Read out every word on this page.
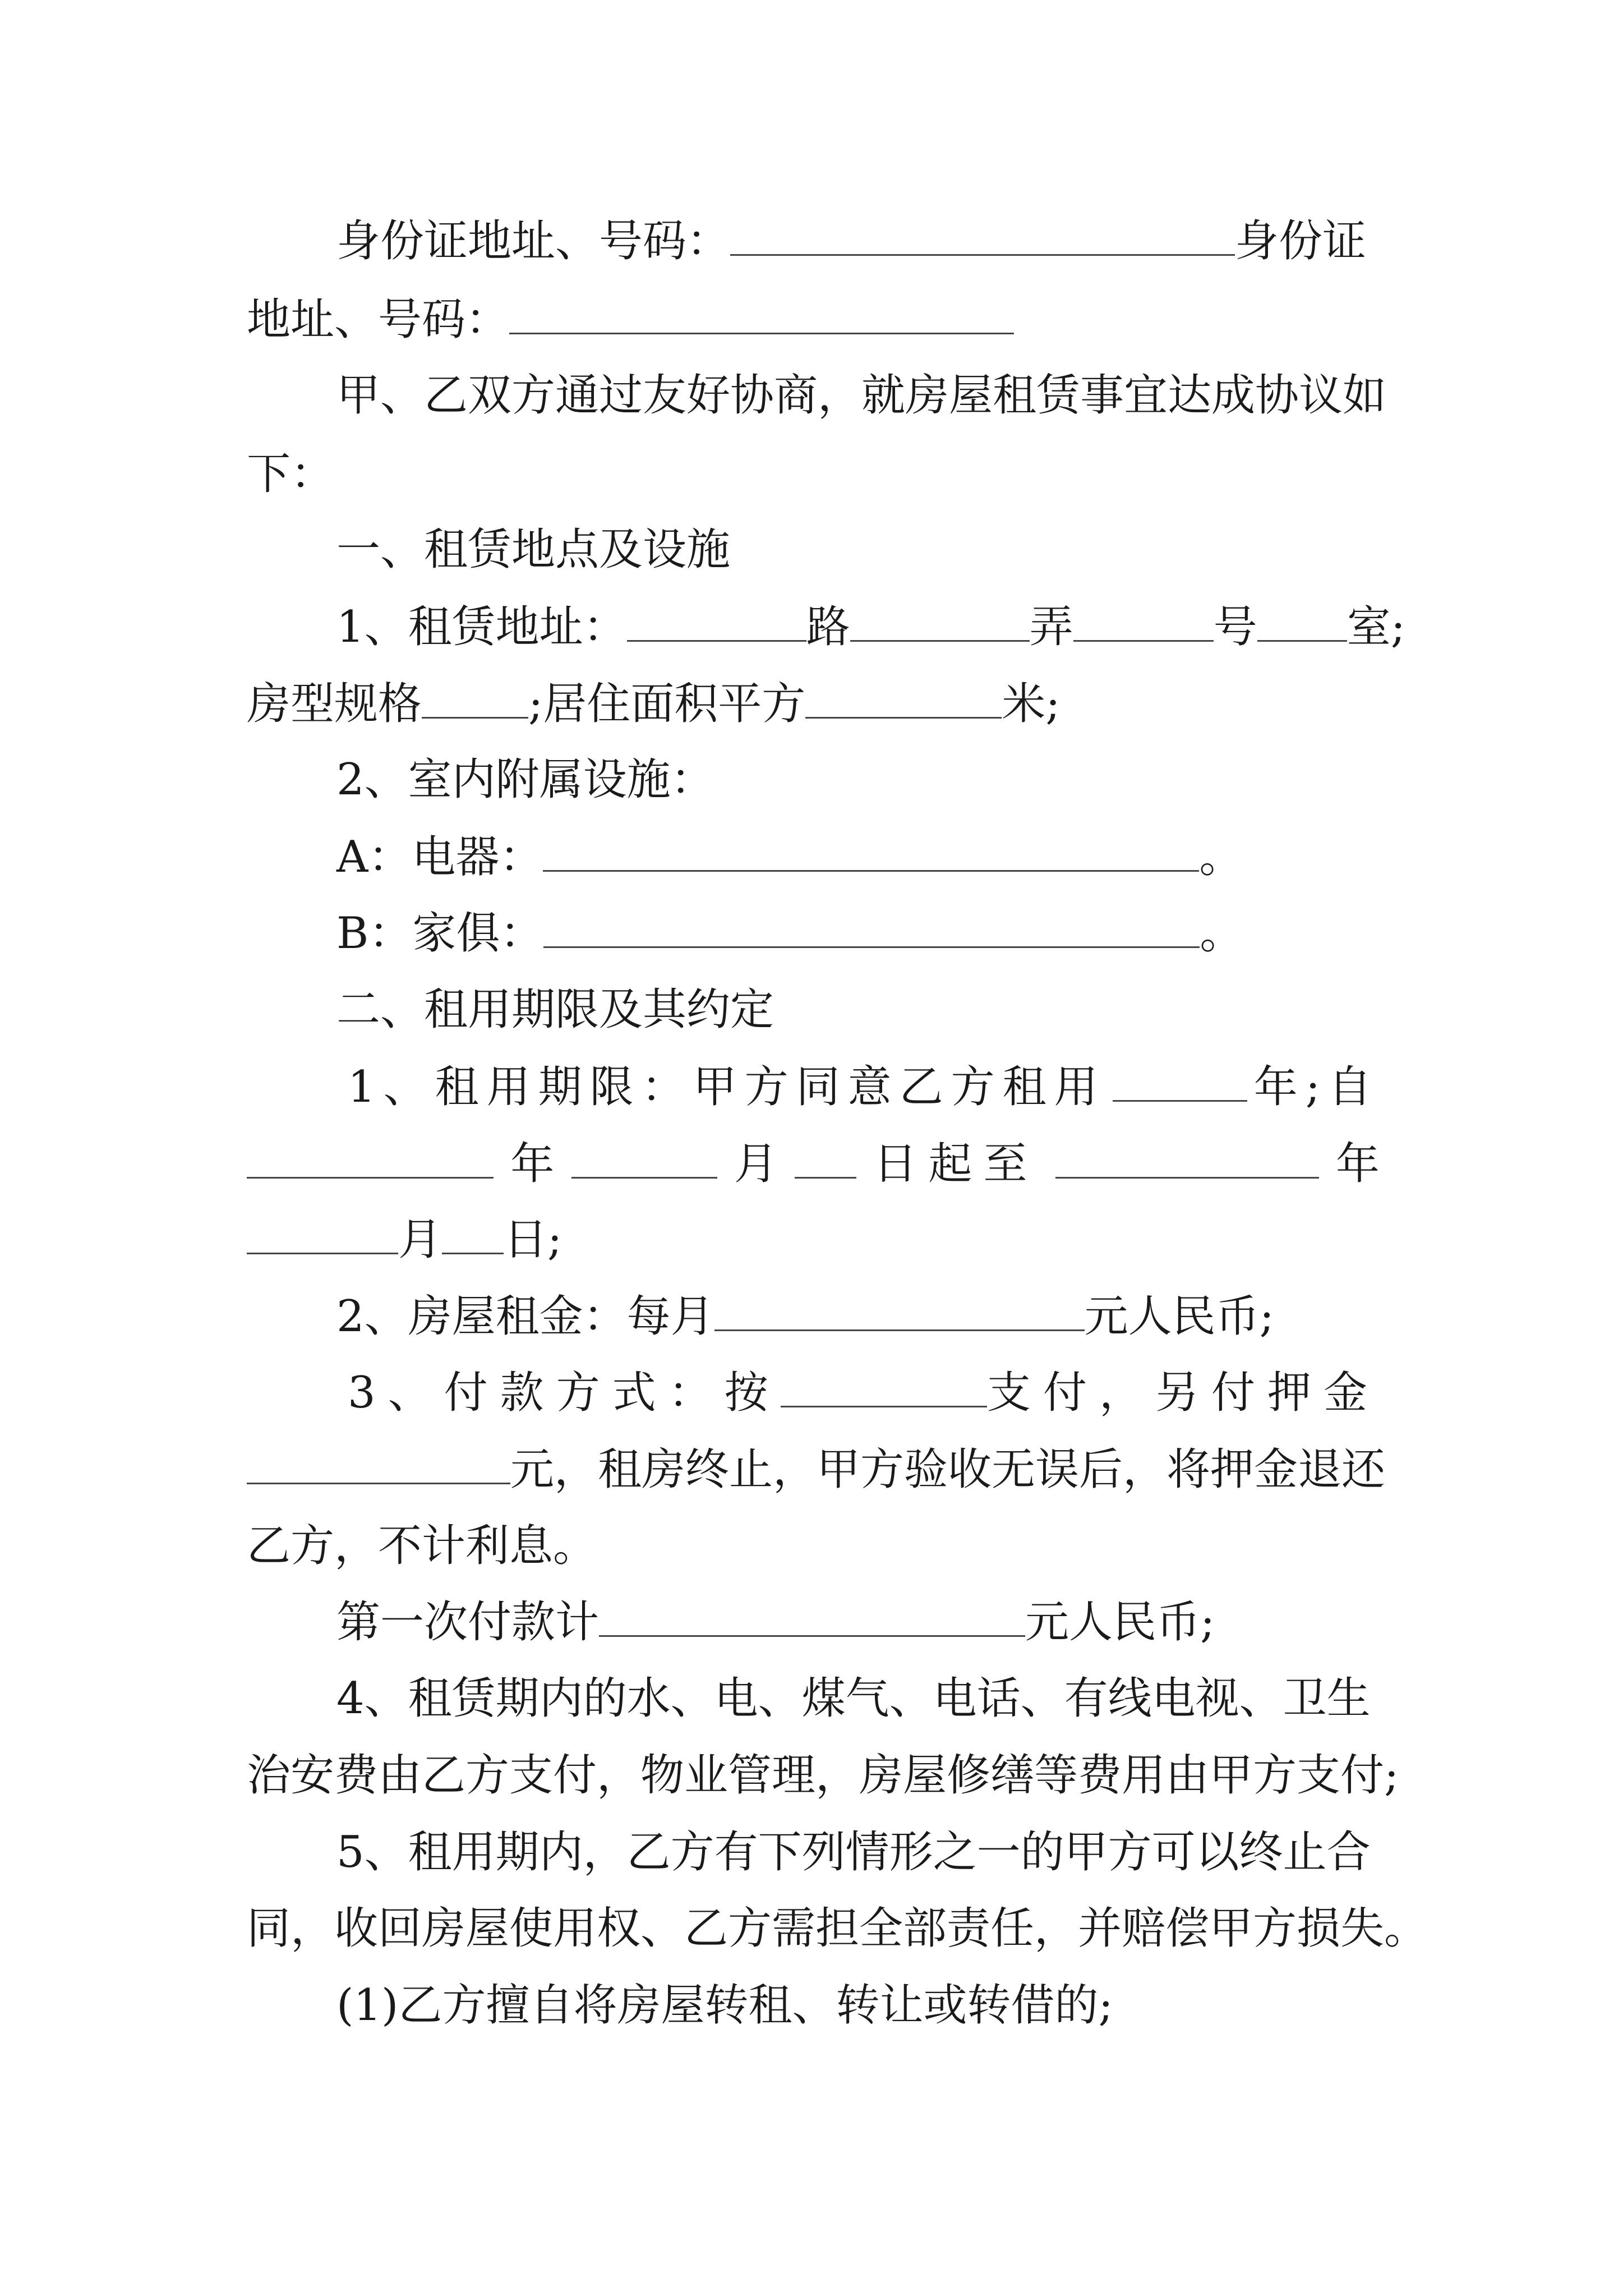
身份证地址、号码：	身份证
地址、号码：
甲、乙双方通过友好协商，就房屋租赁事宜达成协议如
下：
一、租赁地点及设施
1、租赁地址：	路	弄	号 室;
房型规格 ;居住面积平方	米;
2、室内附属设施：
A：电器：	。
B：家俱：	。
二、租用期限及其约定
1、租用期限：甲方同意乙方租用	年;自
年	月 日起至	年
月 日;
2、房屋租金：每月	元人民币;
3、付款方式：按	支付，另付押金
元，租房终止，甲方验收无误后，将押金退还
乙方，不计利息。
第一次付款计	元人民币;
4、租赁期内的水、电、煤气、电话、有线电视、卫生
治安费由乙方支付，物业管理，房屋修缮等费用由甲方支付;
5、租用期内，乙方有下列情形之一的甲方可以终止合
同，收回房屋使用权、乙方需担全部责任，并赔偿甲方损失。
(1)乙方擅自将房屋转租、转让或转借的;
